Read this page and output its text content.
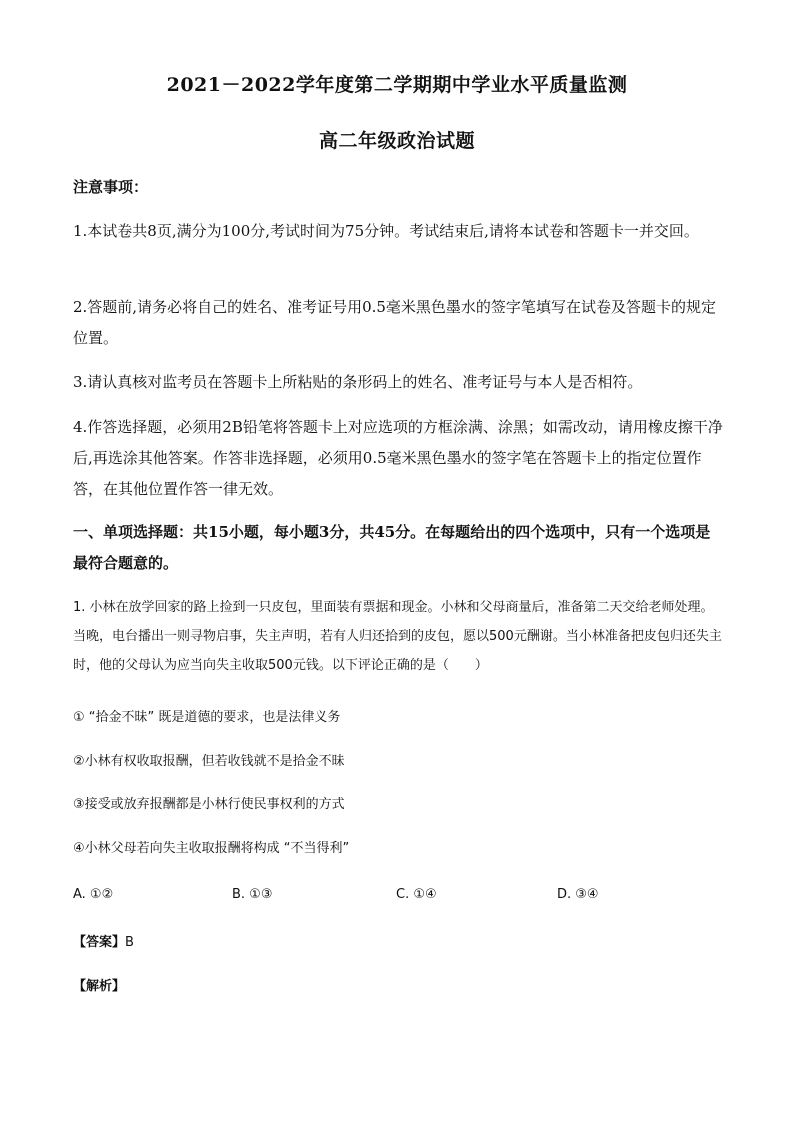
2021－2022学年度第二学期期中学业水平质量监测
高二年级政治试题
注意事项：
1.本试卷共8页,满分为100分,考试时间为75分钟。考试结束后,请将本试卷和答题卡一并交回。
2.答题前,请务必将自己的姓名、准考证号用0.5毫米黑色墨水的签字笔填写在试卷及答题卡的规定位置。
3.请认真核对监考员在答题卡上所粘贴的条形码上的姓名、准考证号与本人是否相符。
4.作答选择题，必须用2B铅笔将答题卡上对应选项的方框涂满、涂黑；如需改动，请用橡皮擦干净后,再选涂其他答案。作答非选择题，必须用0.5毫米黑色墨水的签字笔在答题卡上的指定位置作答，在其他位置作答一律无效。
一、单项选择题：共15小题，每小题3分，共45分。在每题给出的四个选项中，只有一个选项是最符合题意的。
1. 小林在放学回家的路上捡到一只皮包，里面装有票据和现金。小林和父母商量后，准备第二天交给老师处理。当晚，电台播出一则寻物启事，失主声明，若有人归还拾到的皮包，愿以500元酬谢。当小林准备把皮包归还失主时，他的父母认为应当向失主收取500元钱。以下评论正确的是（　　）
① “拾金不昧” 既是道德的要求，也是法律义务
②小林有权收取报酬，但若收钱就不是拾金不昧
③接受或放弃报酬都是小林行使民事权利的方式
④小林父母若向失主收取报酬将构成 “不当得利”
A. ①②	B. ①③	C. ①④	D. ③④
【答案】B
【解析】
